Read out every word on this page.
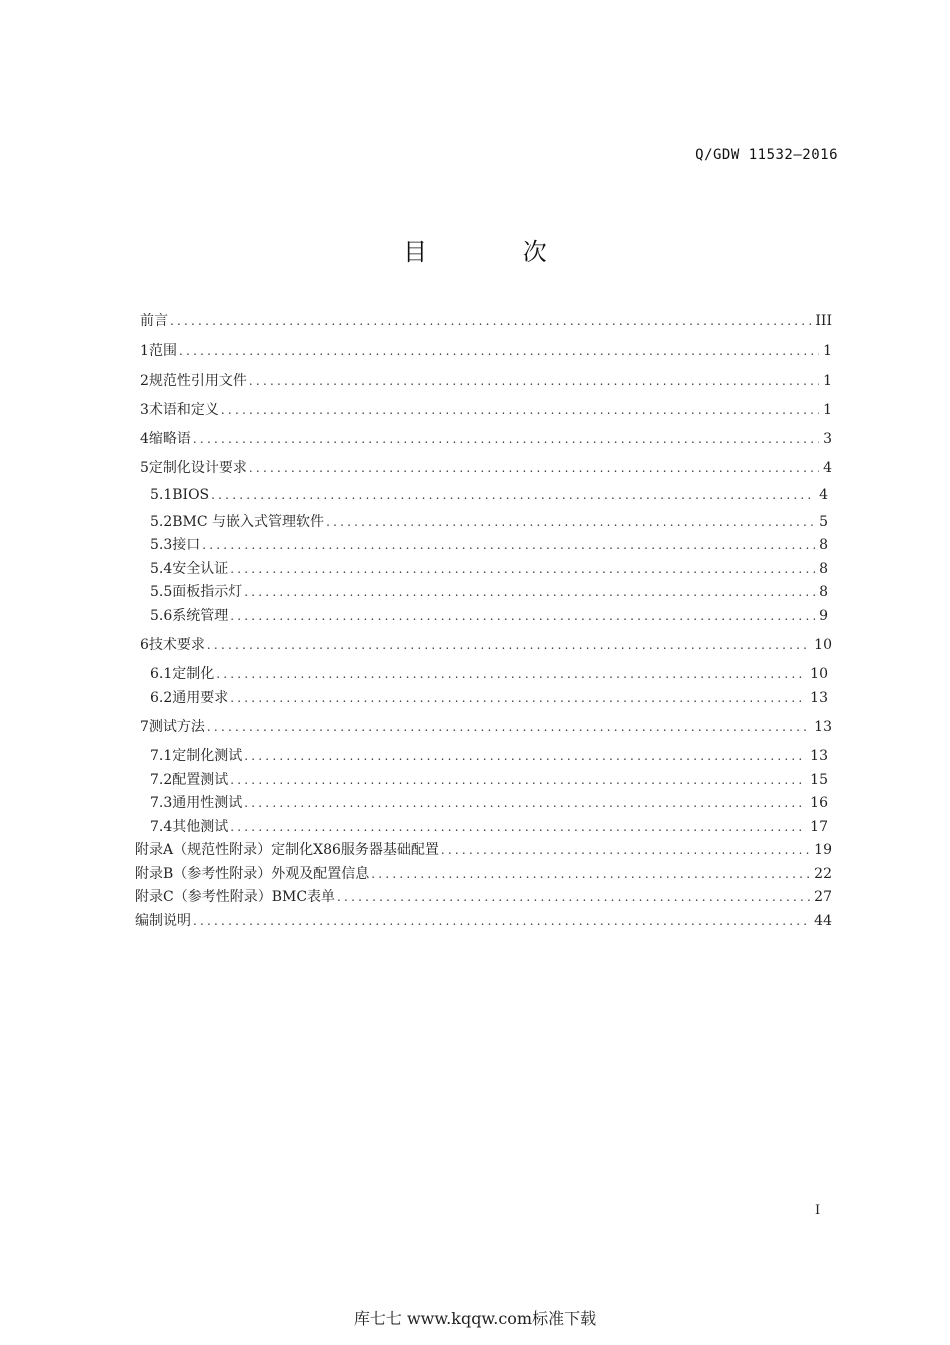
Q/GDW 11532—2016
目 次
前言 .....	III
1 范围 .....	1
2 规范性引用文件 .....	1
3 术语和定义 .....	1
4 缩略语 .....	3
5 定制化设计要求 .....	4
5.1 BIOS .....	4
5.2 BMC 与嵌入式管理软件 .....	5
5.3 接口 .....	8
5.4 安全认证 .....	8
5.5 面板指示灯 .....	8
5.6 系统管理 .....	9
6 技术要求 .....	10
6.1 定制化 .....	10
6.2 通用要求 .....	13
7 测试方法 .....	13
7.1 定制化测试 .....	13
7.2 配置测试 .....	15
7.3 通用性测试 .....	16
7.4 其他测试 .....	17
附录A（规范性附录）定制化X86服务器基础配置 .....	19
附录B（参考性附录）外观及配置信息 .....	22
附录C（参考性附录）BMC表单 .....	27
编制说明 .....	44
I
库七七 www.kqqw.com标准下载
